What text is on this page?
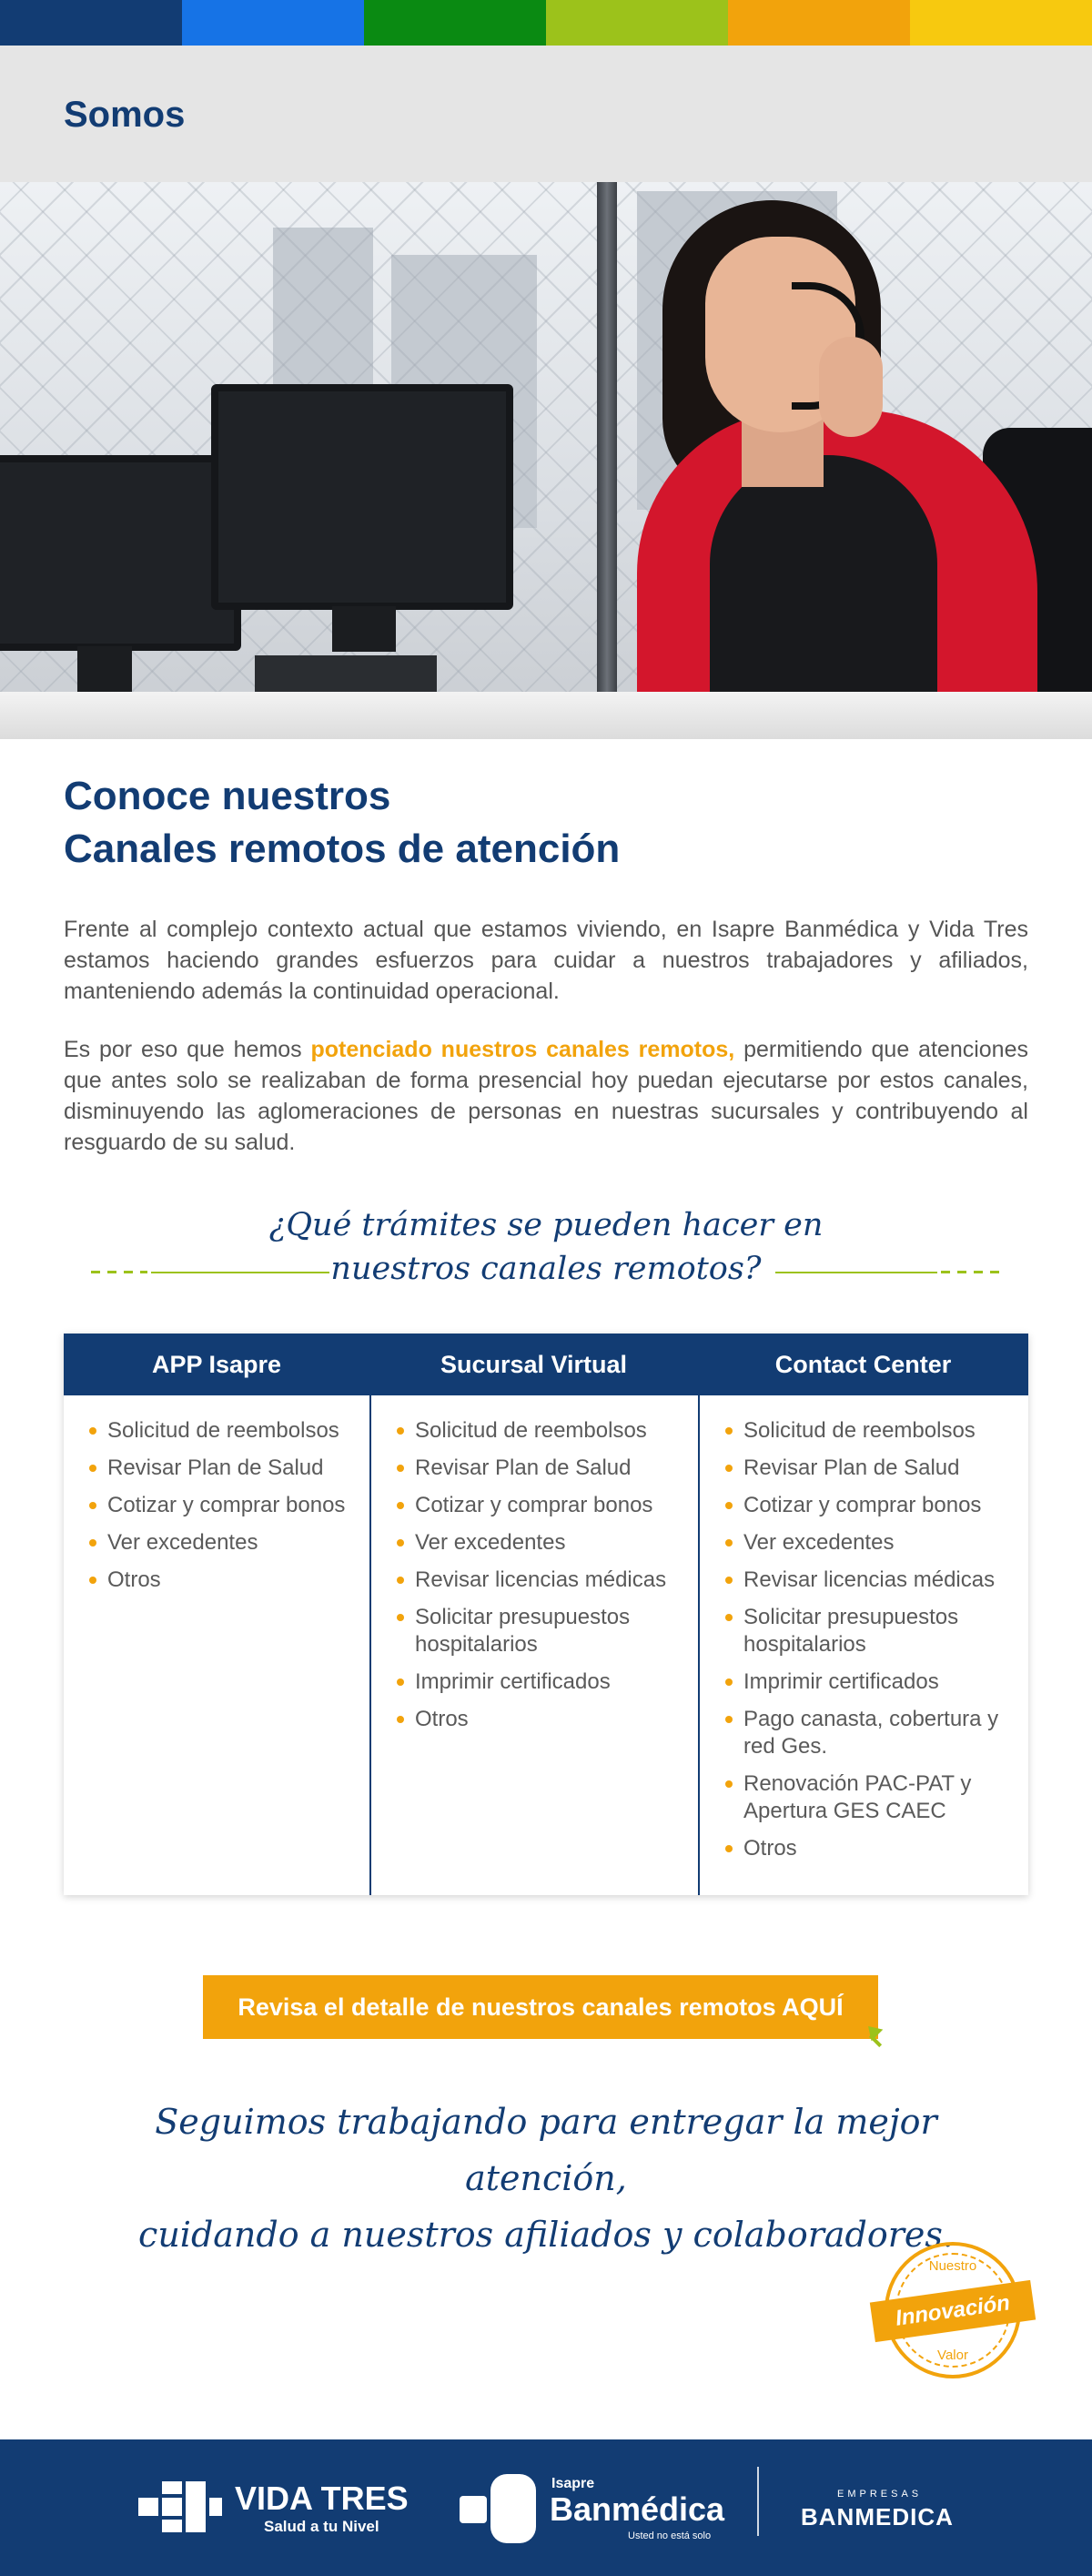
Somos
Conoce nuestros
Canales remotos de atención

Frente al complejo contexto actual que estamos viviendo, en Isapre Banmédica y Vida Tres estamos haciendo grandes esfuerzos para cuidar a nuestros trabajadores y afiliados, manteniendo además la continuidad operacional.

Es por eso que hemos potenciado nuestros canales remotos, permitiendo que atenciones que antes solo se realizaban de forma presencial hoy puedan ejecutarse por estos canales, disminuyendo las aglomeraciones de personas en nuestras sucursales y contribuyendo al resguardo de su salud.

¿Qué trámites se pueden hacer en
nuestros canales remotos?
APP Isapre	Sucursal Virtual	Contact Center
Solicitud de reembolsos
Revisar Plan de Salud
Cotizar y comprar bonos
Ver excedentes
Otros
Solicitud de reembolsos
Revisar Plan de Salud
Cotizar y comprar bonos
Ver excedentes
Revisar licencias médicas
Solicitar presupuestos hospitalarios
Imprimir certificados
Otros
Solicitud de reembolsos
Revisar Plan de Salud
Cotizar y comprar bonos
Ver excedentes
Revisar licencias médicas
Solicitar presupuestos hospitalarios
Imprimir certificados
Pago canasta, cobertura y red Ges.
Renovación PAC-PAT y Apertura GES CAEC
Otros
Revisa el detalle de nuestros canales remotos AQUÍ
Seguimos trabajando para entregar la mejor atención,
cuidando a nuestros afiliados y colaboradores.
Nuestro
Innovación
Valor
VIDA TRES
Salud a tu Nivel
Isapre
Banmédica
Usted no está solo
EMPRESAS
BANMEDICA
